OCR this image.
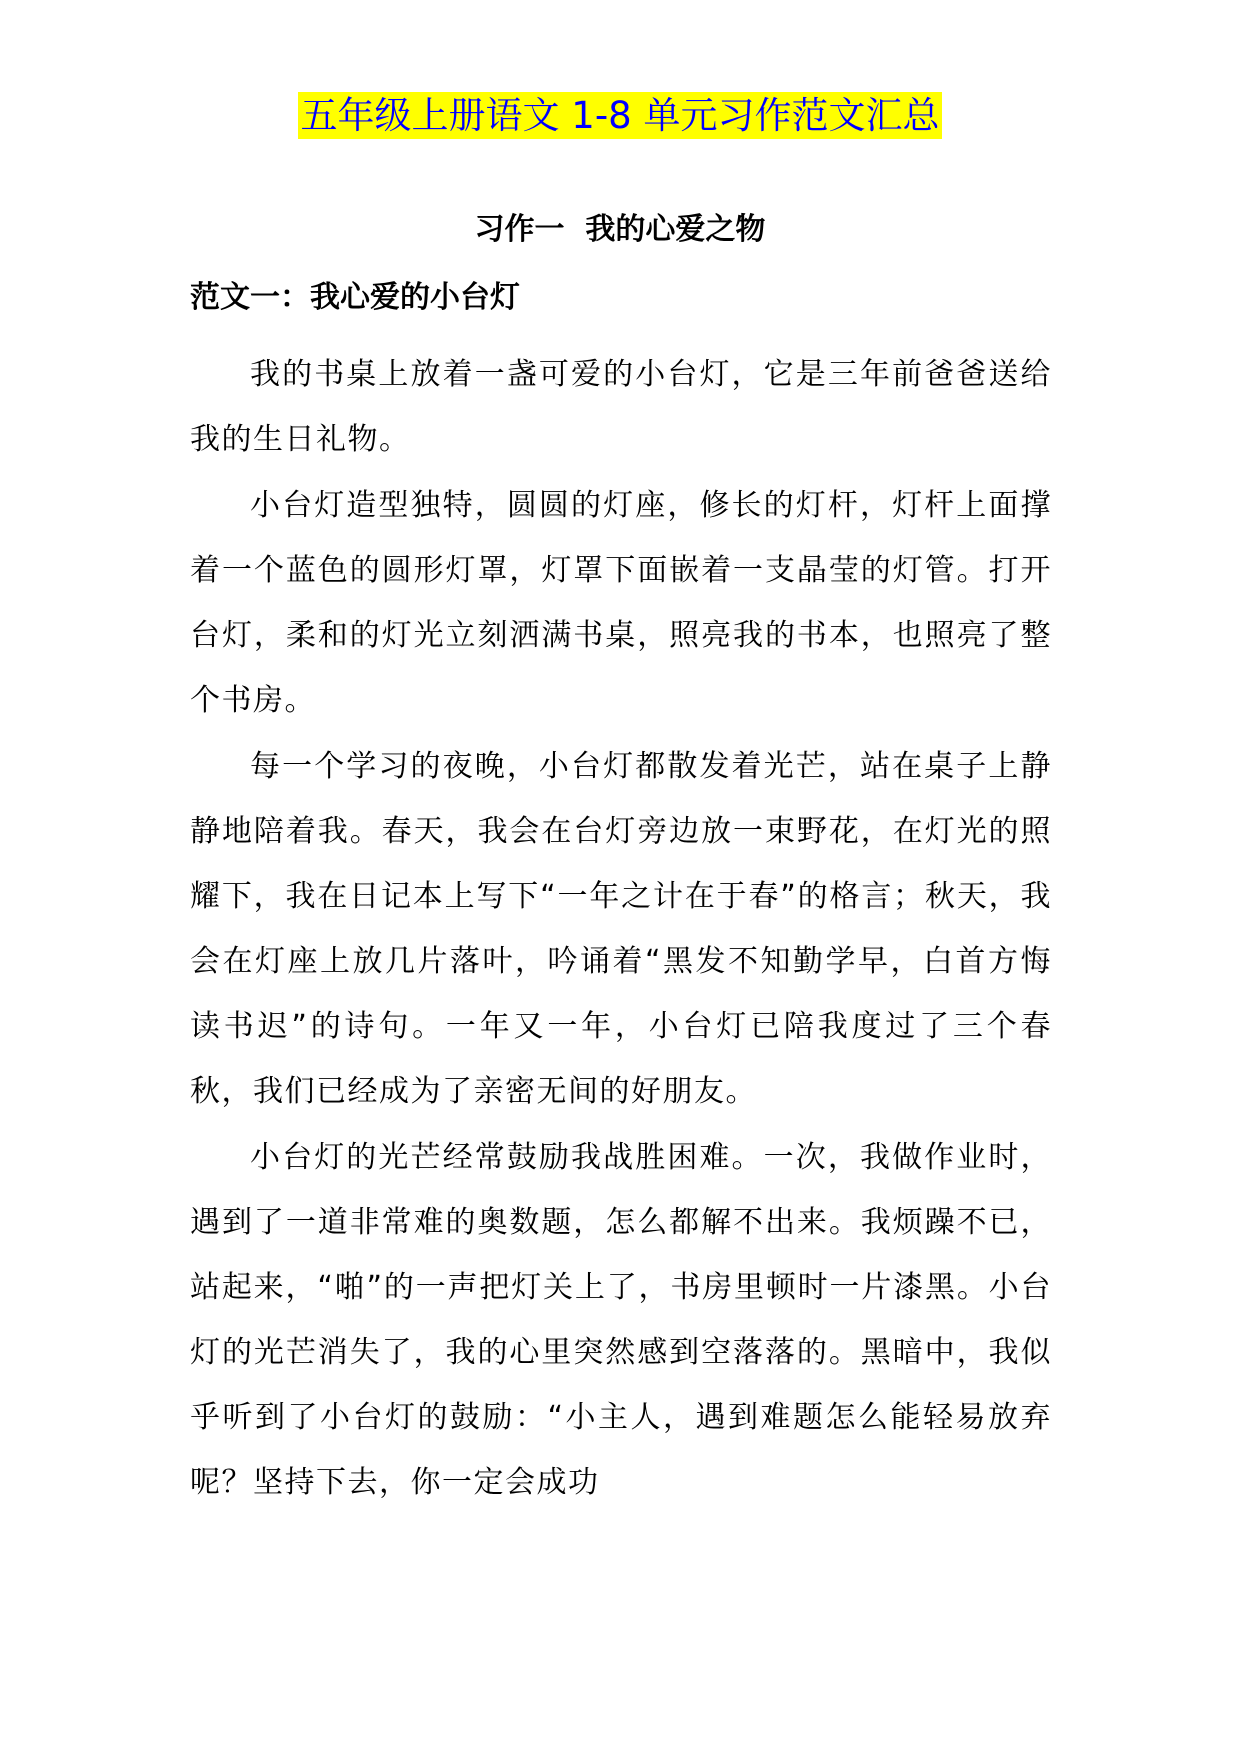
五年级上册语文 1-8 单元习作范文汇总
习作一  我的心爱之物
范文一：我心爱的小台灯

我的书桌上放着一盏可爱的小台灯，它是三年前爸爸送给我的生日礼物。

小台灯造型独特，圆圆的灯座，修长的灯杆，灯杆上面撑着一个蓝色的圆形灯罩，灯罩下面嵌着一支晶莹的灯管。打开台灯，柔和的灯光立刻洒满书桌，照亮我的书本，也照亮了整个书房。

每一个学习的夜晚，小台灯都散发着光芒，站在桌子上静静地陪着我。春天，我会在台灯旁边放一束野花，在灯光的照耀下，我在日记本上写下“一年之计在于春”的格言；秋天，我会在灯座上放几片落叶，吟诵着“黑发不知勤学早，白首方悔读书迟”的诗句。一年又一年，小台灯已陪我度过了三个春秋，我们已经成为了亲密无间的好朋友。

小台灯的光芒经常鼓励我战胜困难。一次，我做作业时，遇到了一道非常难的奥数题，怎么都解不出来。我烦躁不已，站起来，“啪”的一声把灯关上了，书房里顿时一片漆黑。小台灯的光芒消失了，我的心里突然感到空落落的。黑暗中，我似乎听到了小台灯的鼓励：“小主人，遇到难题怎么能轻易放弃呢？坚持下去，你一定会成功
